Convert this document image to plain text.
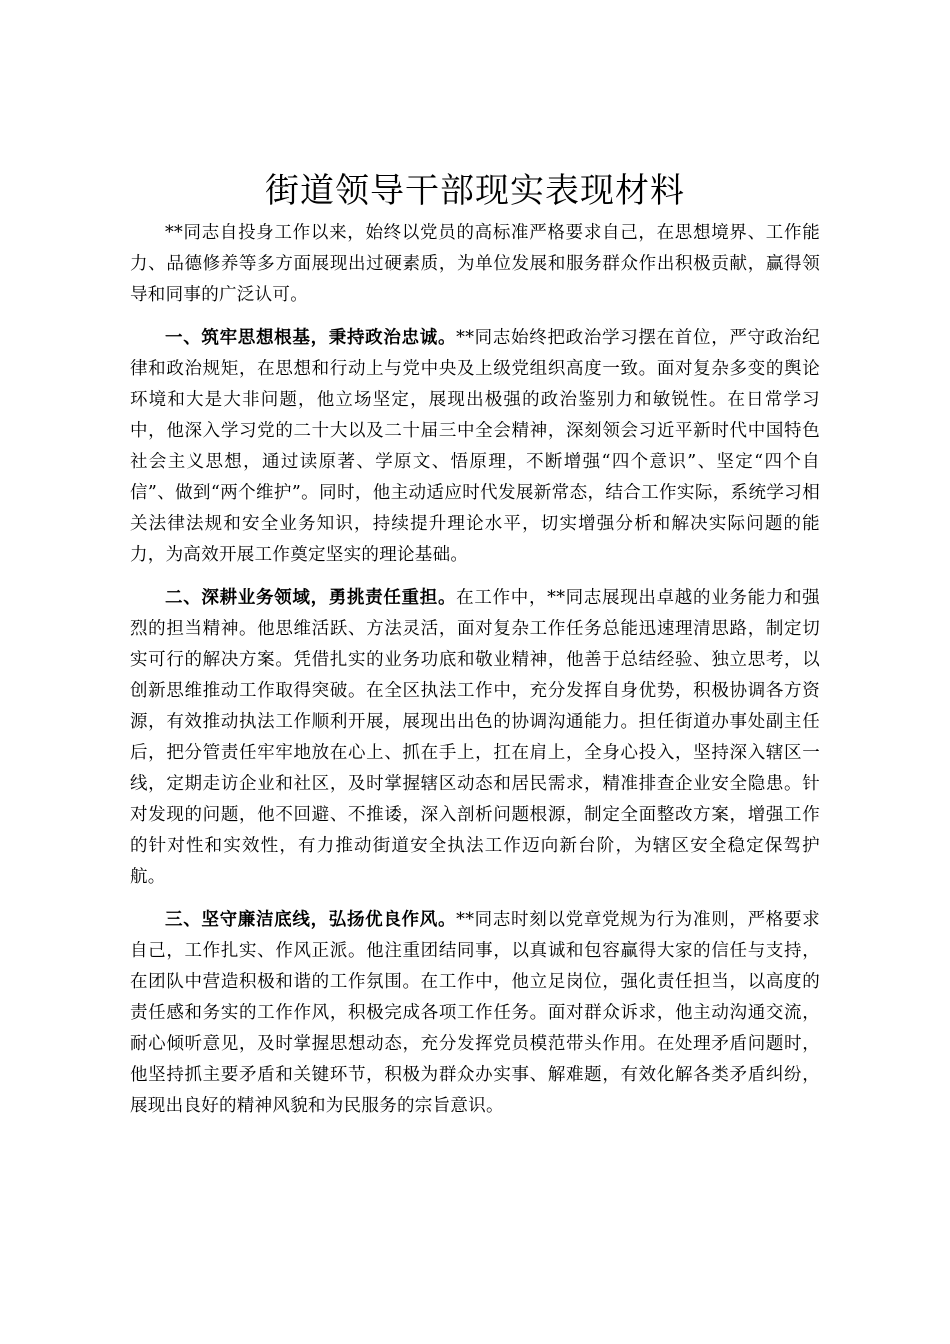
街道领导干部现实表现材料

**同志自投身工作以来，始终以党员的高标准严格要求自己，在思想境界、工作能力、品德修养等多方面展现出过硬素质，为单位发展和服务群众作出积极贡献，赢得领导和同事的广泛认可。

一、筑牢思想根基，秉持政治忠诚。**同志始终把政治学习摆在首位，严守政治纪律和政治规矩，在思想和行动上与党中央及上级党组织高度一致。面对复杂多变的舆论环境和大是大非问题，他立场坚定，展现出极强的政治鉴别力和敏锐性。在日常学习中，他深入学习党的二十大以及二十届三中全会精神，深刻领会习近平新时代中国特色社会主义思想，通过读原著、学原文、悟原理，不断增强“四个意识”、坚定“四个自信”、做到“两个维护”。同时，他主动适应时代发展新常态，结合工作实际，系统学习相关法律法规和安全业务知识，持续提升理论水平，切实增强分析和解决实际问题的能力，为高效开展工作奠定坚实的理论基础。

二、深耕业务领域，勇挑责任重担。在工作中，**同志展现出卓越的业务能力和强烈的担当精神。他思维活跃、方法灵活，面对复杂工作任务总能迅速理清思路，制定切实可行的解决方案。凭借扎实的业务功底和敬业精神，他善于总结经验、独立思考，以创新思维推动工作取得突破。在全区执法工作中，充分发挥自身优势，积极协调各方资源，有效推动执法工作顺利开展，展现出出色的协调沟通能力。担任街道办事处副主任后，把分管责任牢牢地放在心上、抓在手上，扛在肩上，全身心投入，坚持深入辖区一线，定期走访企业和社区，及时掌握辖区动态和居民需求，精准排查企业安全隐患。针对发现的问题，他不回避、不推诿，深入剖析问题根源，制定全面整改方案，增强工作的针对性和实效性，有力推动街道安全执法工作迈向新台阶，为辖区安全稳定保驾护航。

三、坚守廉洁底线，弘扬优良作风。**同志时刻以党章党规为行为准则，严格要求自己，工作扎实、作风正派。他注重团结同事，以真诚和包容赢得大家的信任与支持，在团队中营造积极和谐的工作氛围。在工作中，他立足岗位，强化责任担当，以高度的责任感和务实的工作作风，积极完成各项工作任务。面对群众诉求，他主动沟通交流，耐心倾听意见，及时掌握思想动态，充分发挥党员模范带头作用。在处理矛盾问题时，他坚持抓主要矛盾和关键环节，积极为群众办实事、解难题，有效化解各类矛盾纠纷，展现出良好的精神风貌和为民服务的宗旨意识。
